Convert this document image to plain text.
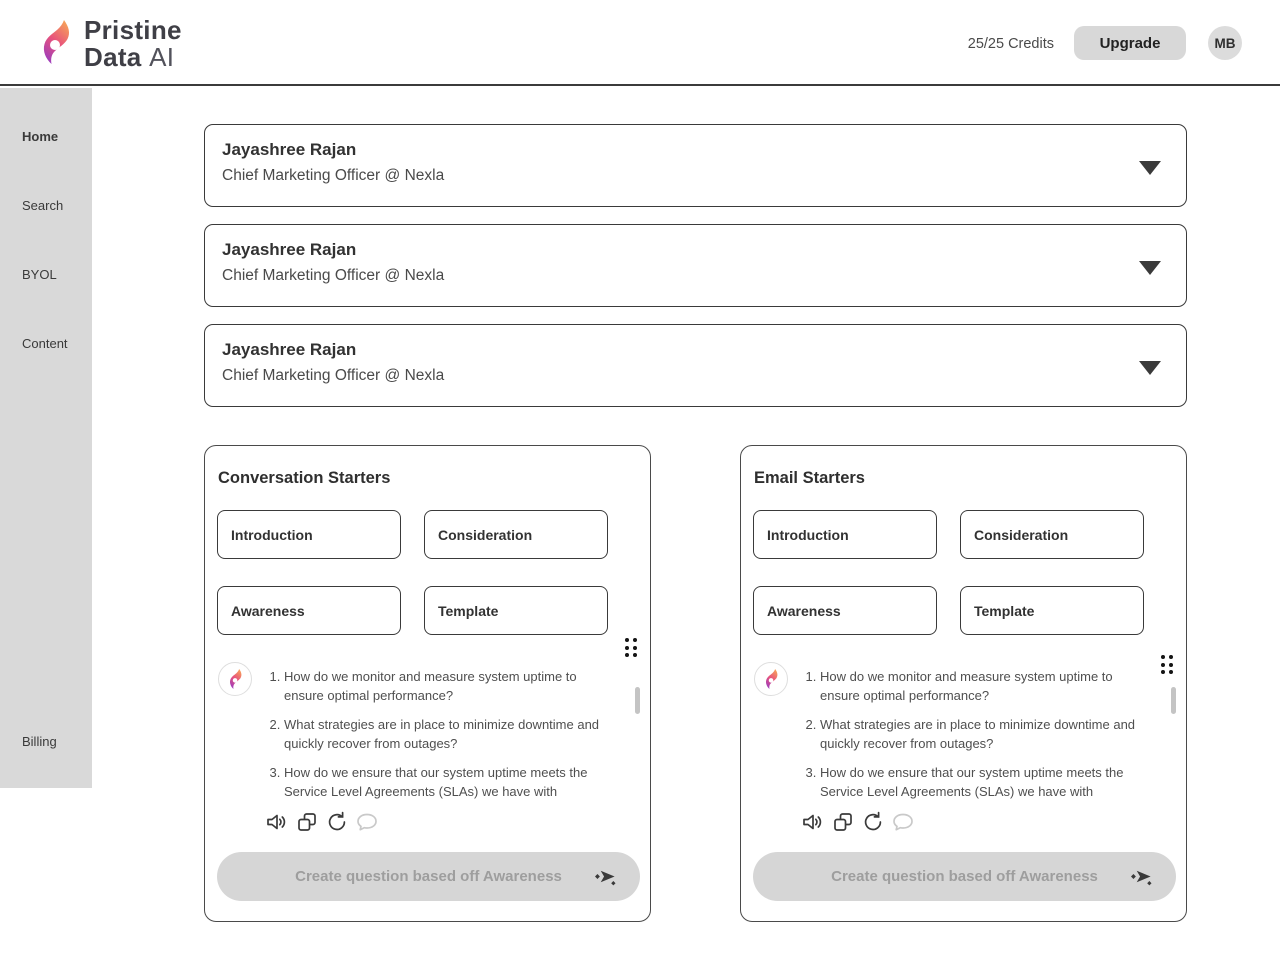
Pristine
Data AI	25/25 Credits	Upgrade	MB
Home
Search
BYOL
Content
Billing
Jayashree Rajan
Chief Marketing Officer @ Nexla
Jayashree Rajan
Chief Marketing Officer @ Nexla
Jayashree Rajan
Chief Marketing Officer @ Nexla
Conversation Starters
Introduction	Consideration
Awareness	Template
1. How do we monitor and measure system uptime to ensure optimal performance?
2. What strategies are in place to minimize downtime and quickly recover from outages?
3. How do we ensure that our system uptime meets the Service Level Agreements (SLAs) we have with
Create question based off Awareness
Email Starters
Introduction	Consideration
Awareness	Template
1. How do we monitor and measure system uptime to ensure optimal performance?
2. What strategies are in place to minimize downtime and quickly recover from outages?
3. How do we ensure that our system uptime meets the Service Level Agreements (SLAs) we have with
Create question based off Awareness
